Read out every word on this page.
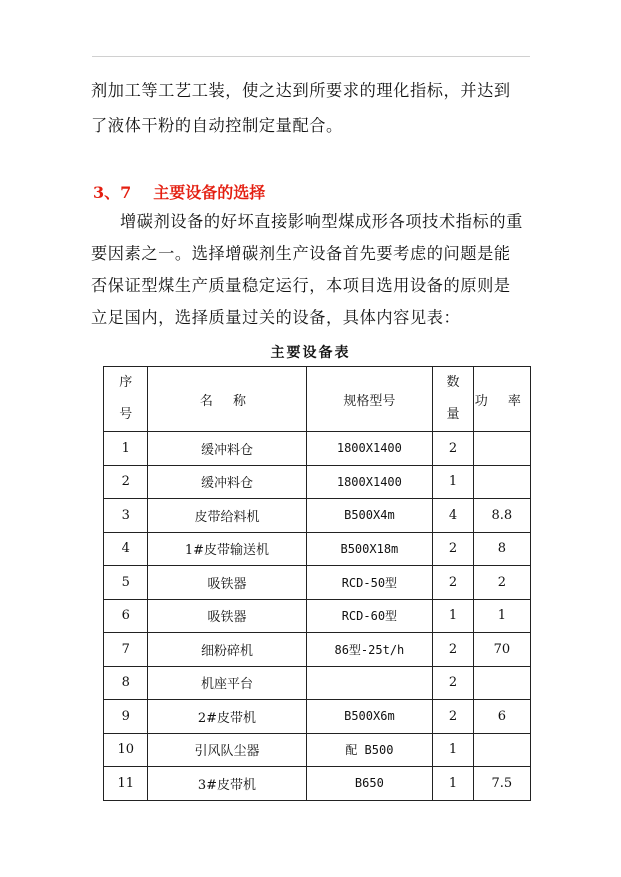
剂加工等工艺工装，使之达到所要求的理化指标，并达到
了液体干粉的自动控制定量配合。
3、7 主要设备的选择
增碳剂设备的好坏直接影响型煤成形各项技术指标的重
要因素之一。选择增碳剂生产设备首先要考虑的问题是能
否保证型煤生产质量稳定运行，本项目选用设备的原则是
立足国内，选择质量过关的设备，具体内容见表：
主要设备表
序号	名 称	规格型号	数量	功 率
1	缓冲料仓	1800X1400	2	
2	缓冲料仓	1800X1400	1	
3	皮带给料机	B500X4m	4	8.8
4	1#皮带输送机	B500X18m	2	8
5	吸铁器	RCD-50型	2	2
6	吸铁器	RCD-60型	1	1
7	细粉碎机	86型-25t/h	2	70
8	机座平台		2	
9	2#皮带机	B500X6m	2	6
10	引风队尘器	配 B500	1	
11	3#皮带机	B650	1	7.5
